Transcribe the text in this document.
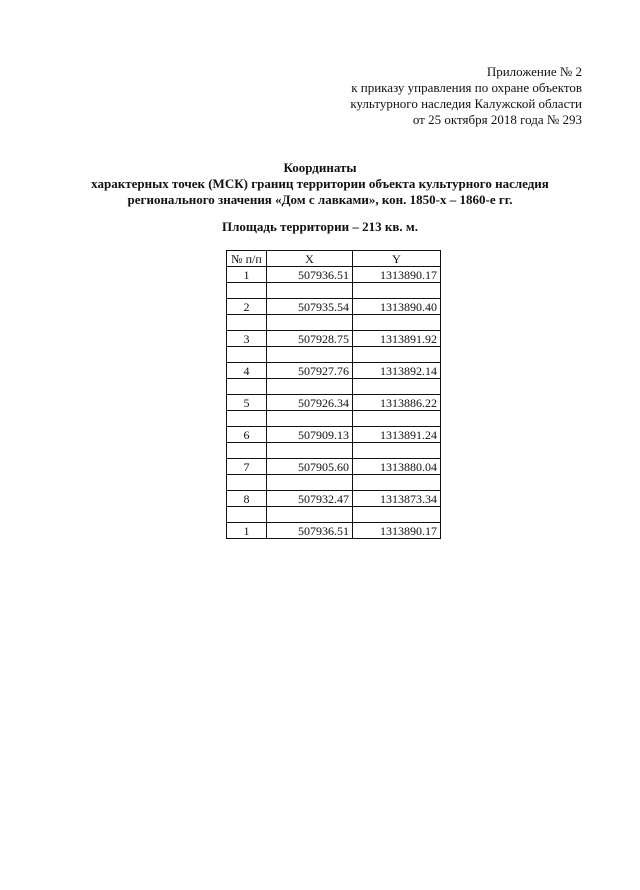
Приложение № 2
к приказу управления по охране объектов
культурного наследия Калужской области
от 25 октября 2018 года № 293
Координаты
характерных точек (МСК) границ территории объекта культурного наследия
регионального значения «Дом с лавками», кон. 1850-х – 1860-е гг.
Площадь территории – 213 кв. м.
№ п/п	X	Y
1	507936.51	1313890.17

2	507935.54	1313890.40

3	507928.75	1313891.92

4	507927.76	1313892.14

5	507926.34	1313886.22

6	507909.13	1313891.24

7	507905.60	1313880.04

8	507932.47	1313873.34

1	507936.51	1313890.17
